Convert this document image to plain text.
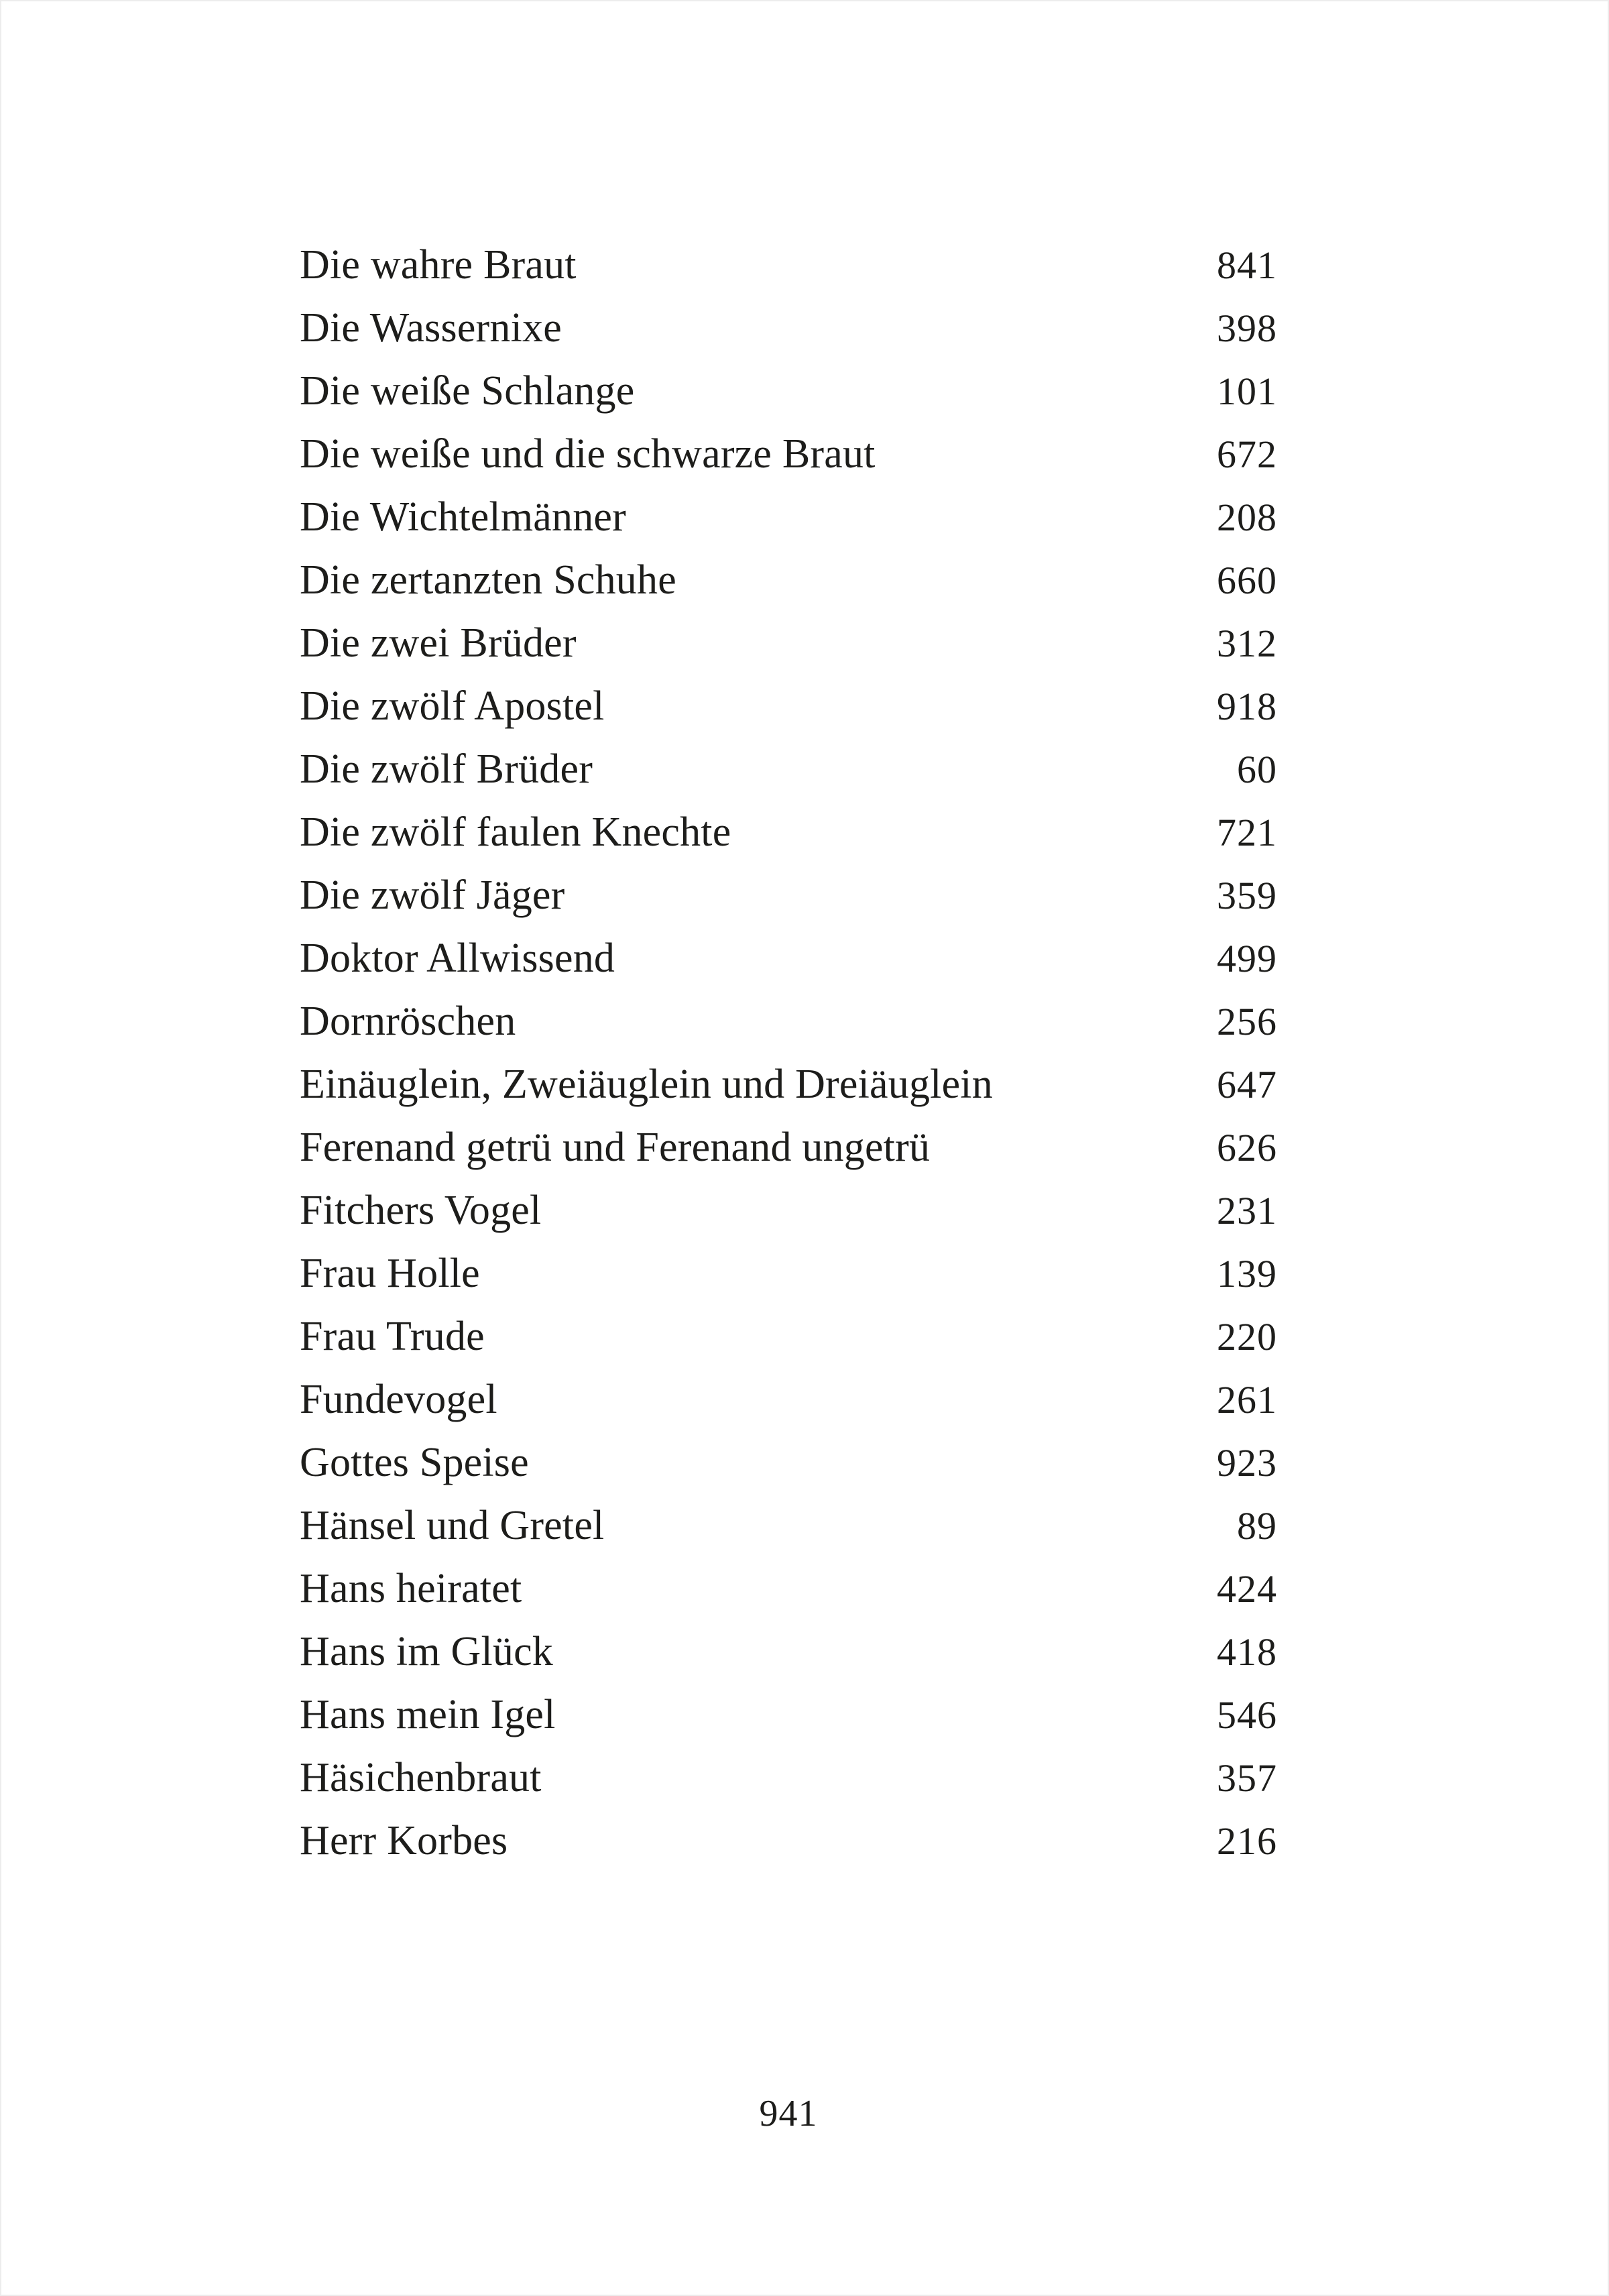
Die wahre Braut	841
Die Wassernixe	398
Die weiße Schlange	101
Die weiße und die schwarze Braut	672
Die Wichtelmänner	208
Die zertanzten Schuhe	660
Die zwei Brüder	312
Die zwölf Apostel	918
Die zwölf Brüder	60
Die zwölf faulen Knechte	721
Die zwölf Jäger	359
Doktor Allwissend	499
Dornröschen	256
Einäuglein, Zweiäuglein und Dreiäuglein	647
Ferenand getrü und Ferenand ungetrü	626
Fitchers Vogel	231
Frau Holle	139
Frau Trude	220
Fundevogel	261
Gottes Speise	923
Hänsel und Gretel	89
Hans heiratet	424
Hans im Glück	418
Hans mein Igel	546
Häsichenbraut	357
Herr Korbes	216
941
